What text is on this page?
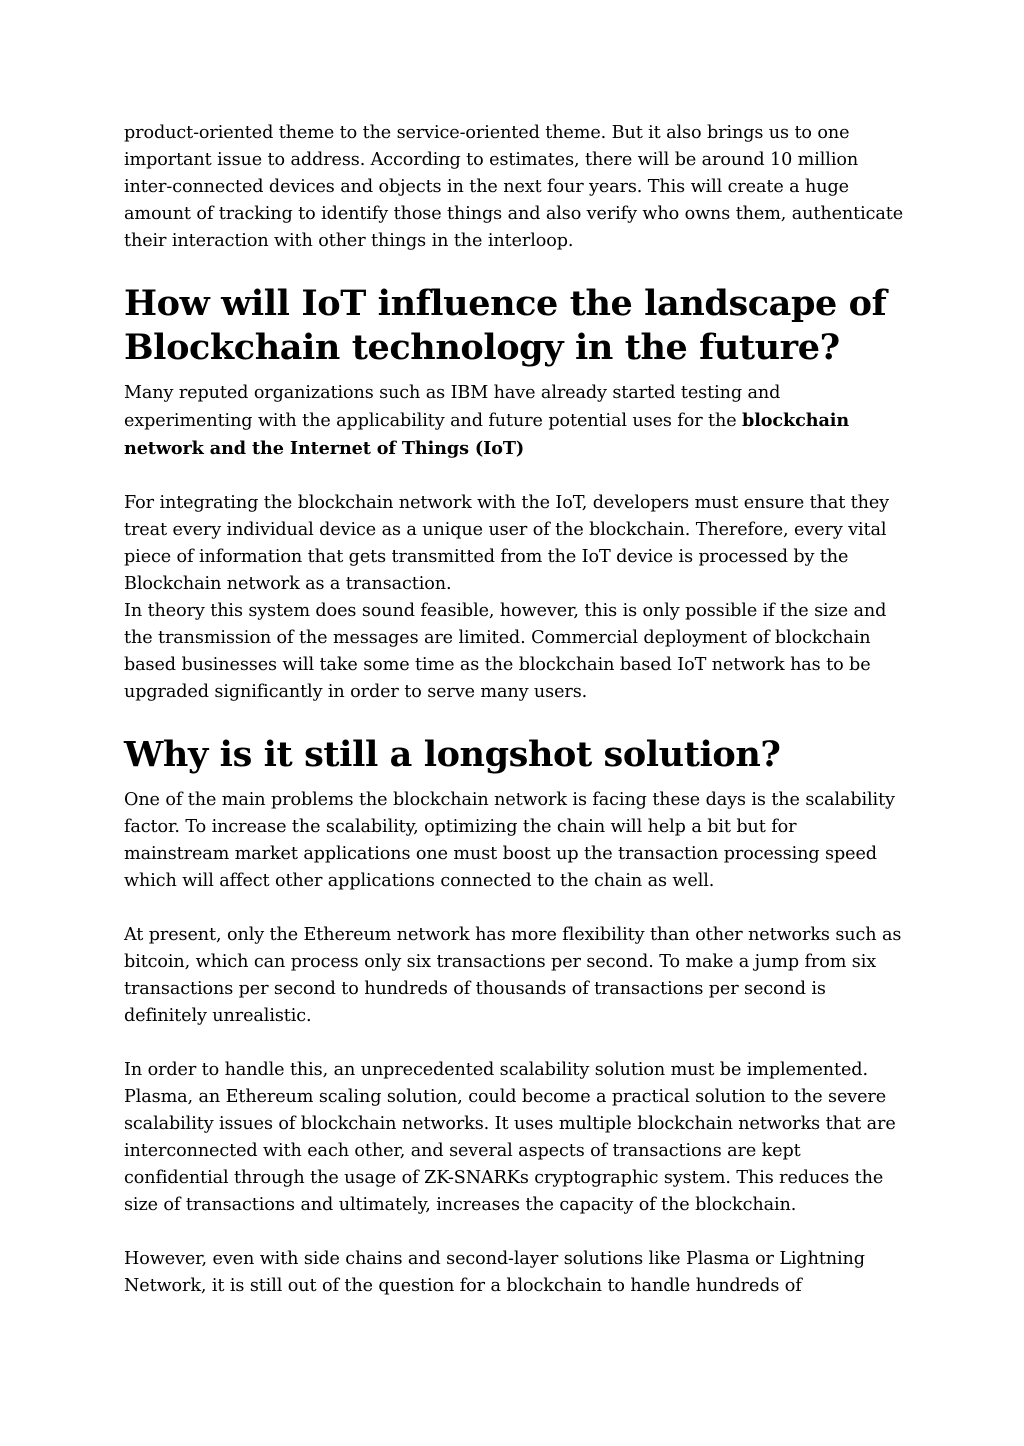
product-oriented theme to the service-oriented theme. But it also brings us to one important issue to address. According to estimates, there will be around 10 million inter-connected devices and objects in the next four years. This will create a huge amount of tracking to identify those things and also verify who owns them, authenticate their interaction with other things in the interloop.

How will IoT influence the landscape of Blockchain technology in the future?

Many reputed organizations such as IBM have already started testing and experimenting with the applicability and future potential uses for the blockchain network and the Internet of Things (IoT)

For integrating the blockchain network with the IoT, developers must ensure that they treat every individual device as a unique user of the blockchain. Therefore, every vital piece of information that gets transmitted from the IoT device is processed by the Blockchain network as a transaction.

In theory this system does sound feasible, however, this is only possible if the size and the transmission of the messages are limited. Commercial deployment of blockchain based businesses will take some time as the blockchain based IoT network has to be upgraded significantly in order to serve many users.

Why is it still a longshot solution?

One of the main problems the blockchain network is facing these days is the scalability factor. To increase the scalability, optimizing the chain will help a bit but for mainstream market applications one must boost up the transaction processing speed which will affect other applications connected to the chain as well.

At present, only the Ethereum network has more flexibility than other networks such as bitcoin, which can process only six transactions per second. To make a jump from six transactions per second to hundreds of thousands of transactions per second is definitely unrealistic.

In order to handle this, an unprecedented scalability solution must be implemented. Plasma, an Ethereum scaling solution, could become a practical solution to the severe scalability issues of blockchain networks. It uses multiple blockchain networks that are interconnected with each other, and several aspects of transactions are kept confidential through the usage of ZK-SNARKs cryptographic system. This reduces the size of transactions and ultimately, increases the capacity of the blockchain.

However, even with side chains and second-layer solutions like Plasma or Lightning Network, it is still out of the question for a blockchain to handle hundreds of
